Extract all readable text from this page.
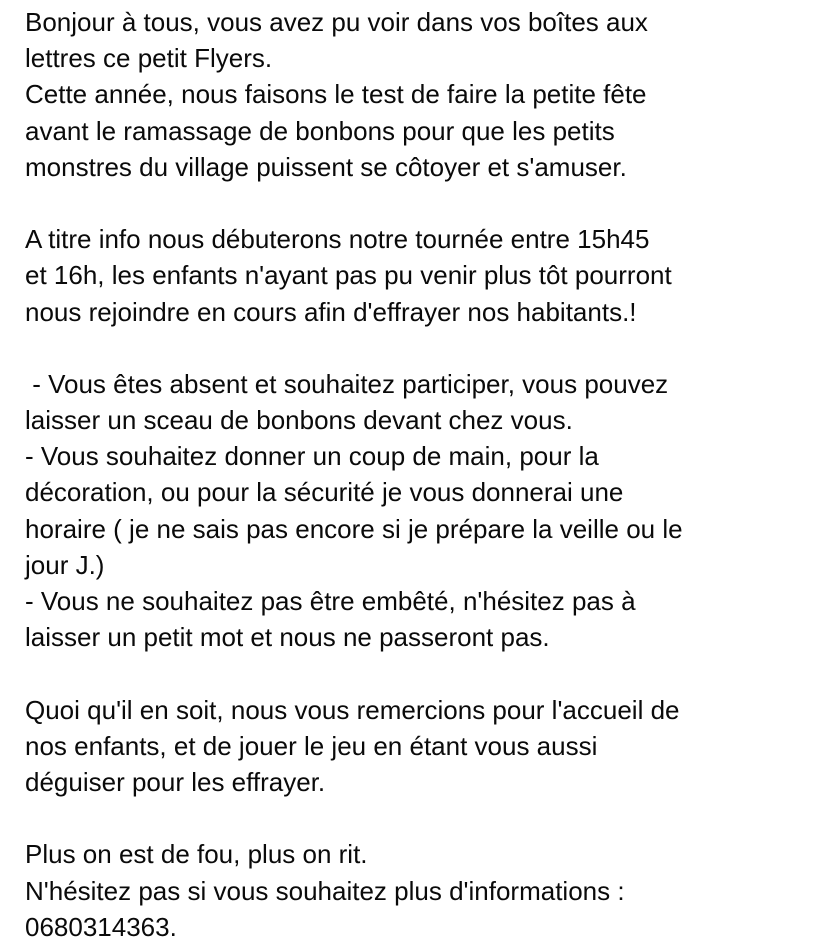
Bonjour à tous, vous avez pu voir dans vos boîtes aux
lettres ce petit Flyers.
Cette année, nous faisons le test de faire la petite fête
avant le ramassage de bonbons pour que les petits
monstres du village puissent se côtoyer et s'amuser.
A titre info nous débuterons notre tournée entre 15h45
et 16h, les enfants n'ayant pas pu venir plus tôt pourront
nous rejoindre en cours afin d'effrayer nos habitants.!
- Vous êtes absent et souhaitez participer, vous pouvez
laisser un sceau de bonbons devant chez vous.
- Vous souhaitez donner un coup de main, pour la
décoration, ou pour la sécurité je vous donnerai une
horaire ( je ne sais pas encore si je prépare la veille ou le
jour J.)
- Vous ne souhaitez pas être embêté, n'hésitez pas à
laisser un petit mot et nous ne passeront pas.
Quoi qu'il en soit, nous vous remercions pour l'accueil de
nos enfants, et de jouer le jeu en étant vous aussi
déguiser pour les effrayer.
Plus on est de fou, plus on rit.
N'hésitez pas si vous souhaitez plus d'informations :
0680314363.
